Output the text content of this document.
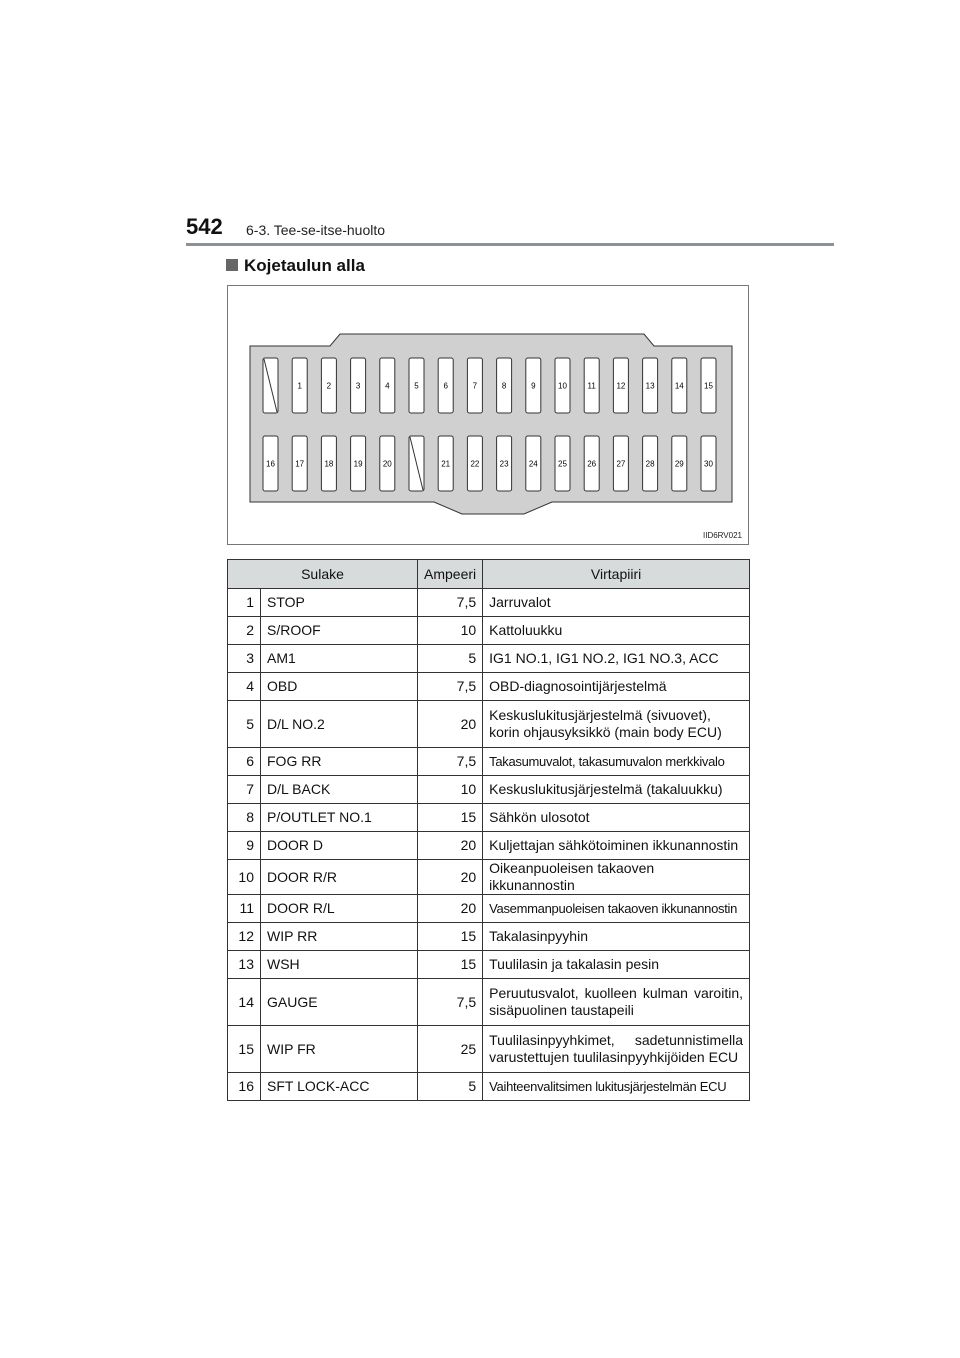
542 6-3. Tee-se-itse-huolto
Kojetaulun alla
1	2	3	4	5	6	7	8	9	10	11	12	13	14	15
16	17	18	19	20	21	22	23	24	25	26	27	28	29	30
IID6RV021
Sulake		Ampeeri	Virtapiiri
1	STOP	7,5	Jarruvalot
2	S/ROOF	10	Kattoluukku
3	AM1	5	IG1 NO.1, IG1 NO.2, IG1 NO.3, ACC
4	OBD	7,5	OBD-diagnosointijärjestelmä
5	D/L NO.2	20	Keskuslukitusjärjestelmä (sivuovet), korin ohjausyksikkö (main body ECU)
6	FOG RR	7,5	Takasumuvalot, takasumuvalon merkkivalo
7	D/L BACK	10	Keskuslukitusjärjestelmä (takaluukku)
8	P/OUTLET NO.1	15	Sähkön ulosotot
9	DOOR D	20	Kuljettajan sähkötoiminen ikkunannostin
10	DOOR R/R	20	Oikeanpuoleisen takaoven ikkunannostin
11	DOOR R/L	20	Vasemmanpuoleisen takaoven ikkunannostin
12	WIP RR	15	Takalasinpyyhin
13	WSH	15	Tuulilasin ja takalasin pesin
14	GAUGE	7,5	Peruutusvalot, kuolleen kulman varoitin, sisäpuolinen taustapeili
15	WIP FR	25	Tuulilasinpyyhkimet, sadetunnistimella varustettujen tuulilasinpyyhkijöiden ECU
16	SFT LOCK-ACC	5	Vaihteenvalitsimen lukitusjärjestelmän ECU
